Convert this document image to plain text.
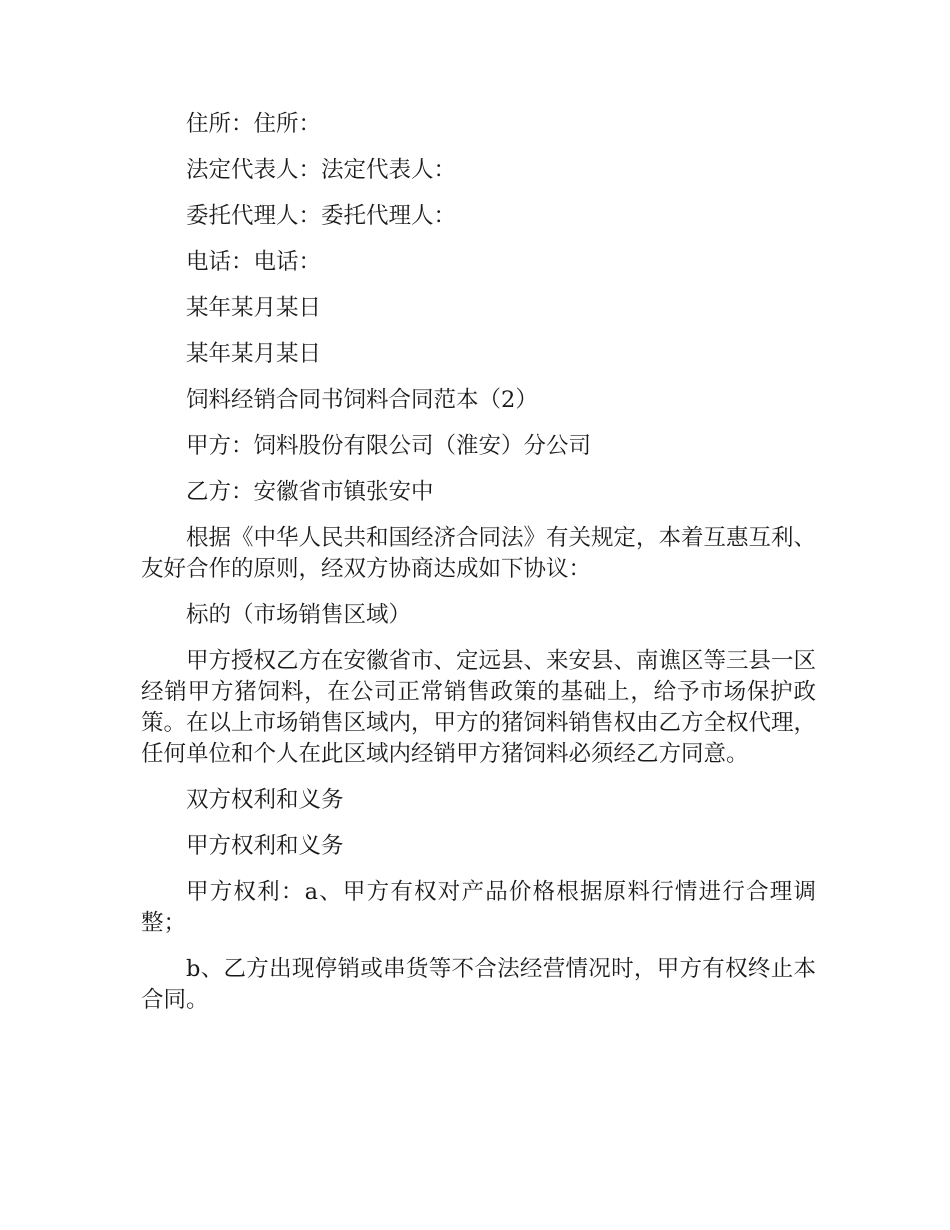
住所：住所：

法定代表人：法定代表人：

委托代理人：委托代理人：

电话：电话：

某年某月某日

某年某月某日

饲料经销合同书饲料合同范本（2）

甲方：饲料股份有限公司（淮安）分公司

乙方：安徽省市镇张安中

根据《中华人民共和国经济合同法》有关规定，本着互惠互利、友好合作的原则，经双方协商达成如下协议：

标的（市场销售区域）

甲方授权乙方在安徽省市、定远县、来安县、南谯区等三县一区经销甲方猪饲料，在公司正常销售政策的基础上，给予市场保护政策。在以上市场销售区域内，甲方的猪饲料销售权由乙方全权代理，任何单位和个人在此区域内经销甲方猪饲料必须经乙方同意。

双方权利和义务

甲方权利和义务

甲方权利：a、甲方有权对产品价格根据原料行情进行合理调整；

b、乙方出现停销或串货等不合法经营情况时，甲方有权终止本合同。
